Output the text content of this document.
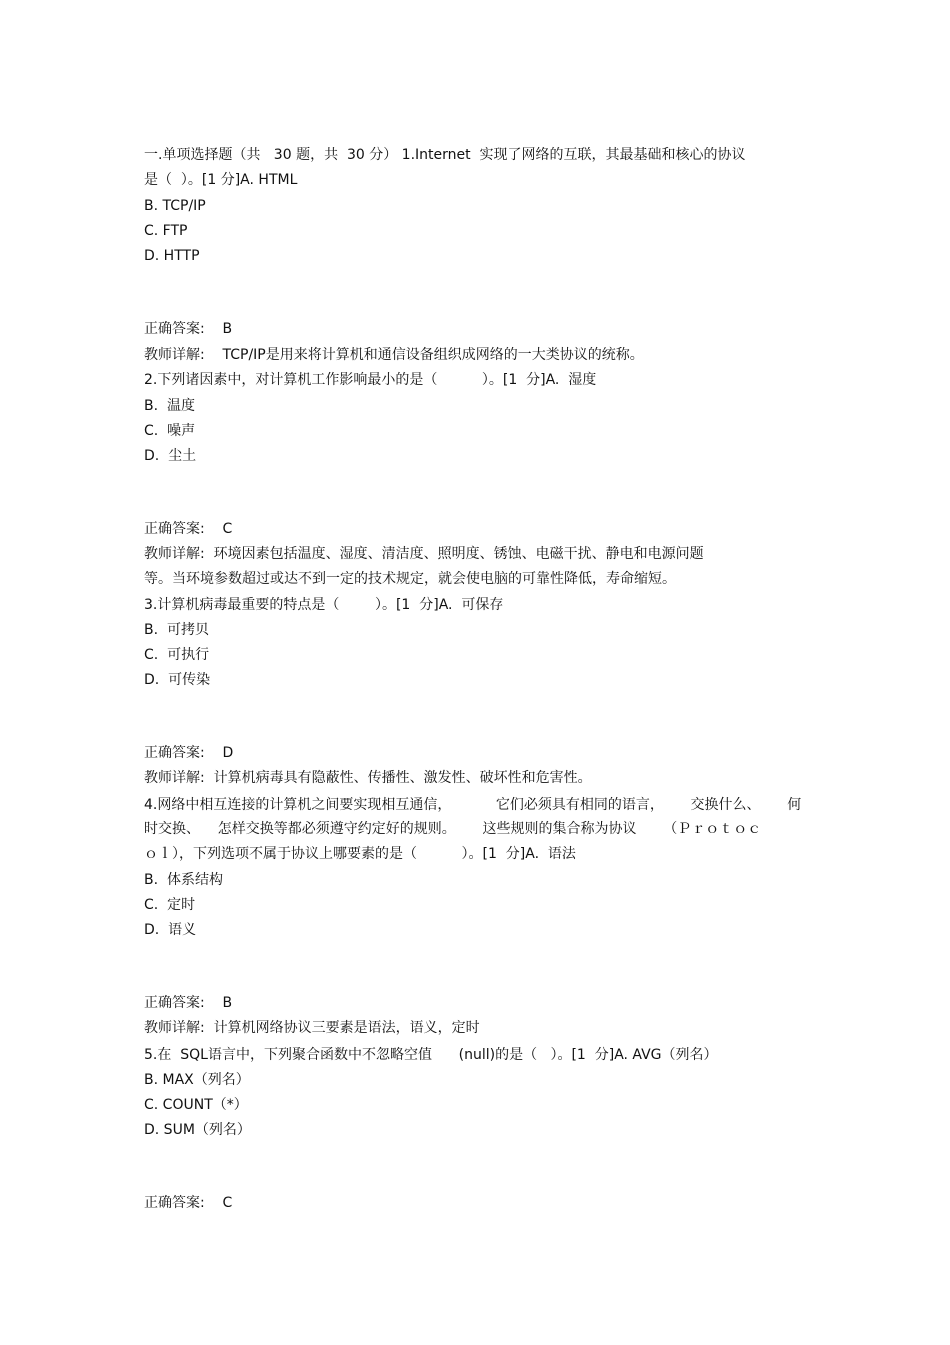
一.单项选择题（共   30 题，共  30 分） 1.Internet  实现了网络的互联，其最基础和核心的协议
是（  ）。[1 分]A. HTML
B. TCP/IP
C. FTP
D. HTTP
正确答案:    B
教师详解:    TCP/IP是用来将计算机和通信设备组织成网络的一大类协议的统称。
2.下列诸因素中，对计算机工作影响最小的是（          ）。[1  分]A.  湿度
B.  温度
C.  噪声
D.  尘土
正确答案:    C
教师详解:  环境因素包括温度、湿度、清洁度、照明度、锈蚀、电磁干扰、静电和电源问题
等。当环境参数超过或达不到一定的技术规定，就会使电脑的可靠性降低，寿命缩短。
3.计算机病毒最重要的特点是（        ）。[1  分]A.  可保存
B.  可拷贝
C.  可执行
D.  可传染
正确答案:    D
教师详解:  计算机病毒具有隐蔽性、传播性、激发性、破坏性和危害性。
4.网络中相互连接的计算机之间要实现相互通信，          它们必须具有相同的语言，      交换什么、      何
时交换、    怎样交换等都必须遵守约定好的规则。      这些规则的集合称为协议      （Ｐｒｏｔｏｃ
ｏｌ），下列选项不属于协议上哪要素的是（          ）。[1  分]A.  语法
B.  体系结构
C.  定时
D.  语义
正确答案:    B
教师详解:  计算机网络协议三要素是语法，语义，定时
5.在  SQL语言中，下列聚合函数中不忽略空值      (null)的是（   ）。[1  分]A. AVG（列名）
B. MAX（列名）
C. COUNT（*）
D. SUM（列名）
正确答案:    C
